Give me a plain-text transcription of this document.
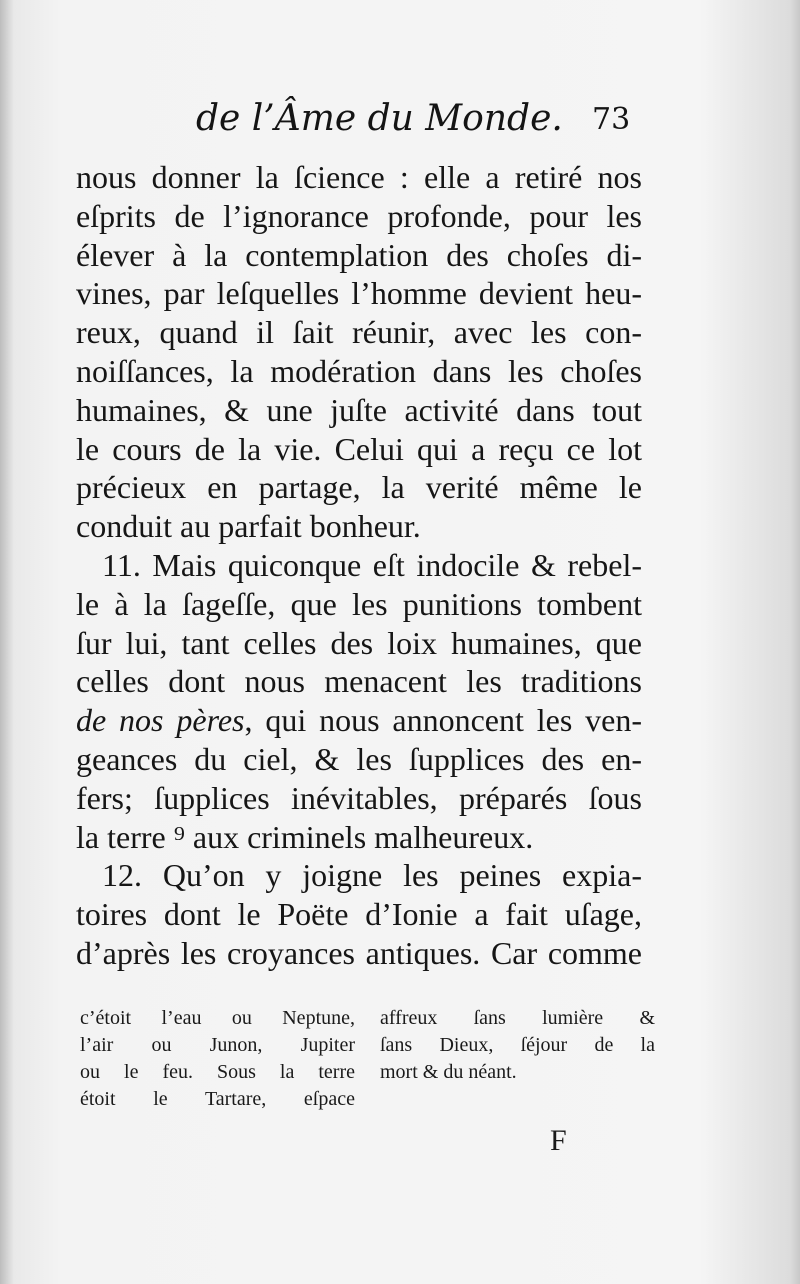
de l’Âme du Monde. 73

nous donner la ſcience : elle a retiré nos
eſprits de l’ignorance profonde, pour les
élever à la contemplation des choſes di-
vines, par leſquelles l’homme devient heu-
reux, quand il ſait réunir, avec les con-
noiſſances, la modération dans les choſes
humaines, & une juſte activité dans tout
le cours de la vie. Celui qui a reçu ce lot
précieux en partage, la verité même le
conduit au parfait bonheur.

11. Mais quiconque eſt indocile & rebel-
le à la ſageſſe, que les punitions tombent
ſur lui, tant celles des loix humaines, que
celles dont nous menacent les traditions
de nos pères, qui nous annoncent les ven-
geances du ciel, & les ſupplices des en-
fers; ſupplices inévitables, préparés ſous
la terre ⁹ aux criminels malheureux.

12. Qu’on y joigne les peines expia-
toires dont le Poëte d’Ionie a fait uſage,
d’après les croyances antiques. Car comme

c’étoit l’eau ou Neptune,
l’air ou Junon, Jupiter
ou le feu. Sous la terre
étoit le Tartare, eſpace
affreux ſans lumière &
ſans Dieux, ſéjour de la
mort & du néant.
F
